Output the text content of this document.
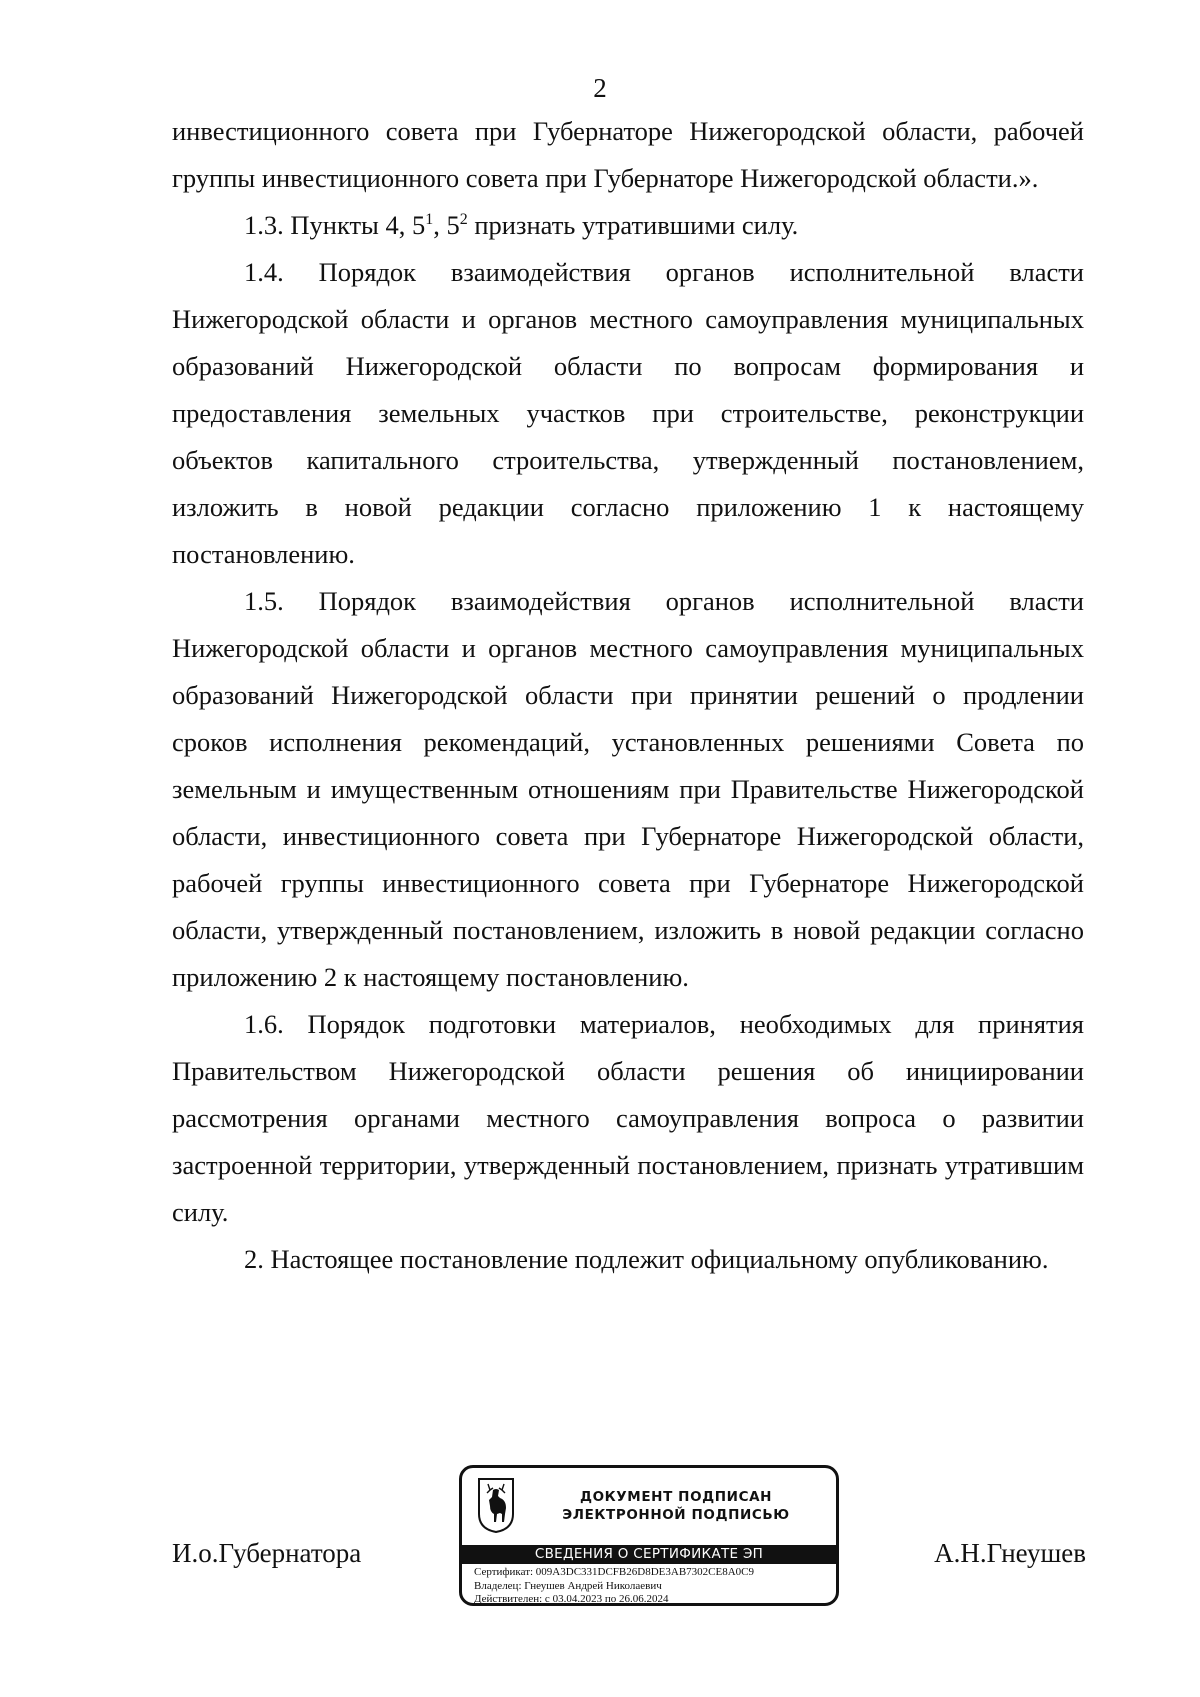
2

инвестиционного совета при Губернаторе Нижегородской области, рабочей группы инвестиционного совета при Губернаторе Нижегородской области.».

1.3. Пункты 4, $5^1$, $5^2$ признать утратившими силу.

1.4. Порядок взаимодействия органов исполнительной власти Нижегородской области и органов местного самоуправления муниципальных образований Нижегородской области по вопросам формирования и предоставления земельных участков при строительстве, реконструкции объектов капитального строительства, утвержденный постановлением, изложить в новой редакции согласно приложению 1 к настоящему постановлению.

1.5. Порядок взаимодействия органов исполнительной власти Нижегородской области и органов местного самоуправления муниципальных образований Нижегородской области при принятии решений о продлении сроков исполнения рекомендаций, установленных решениями Совета по земельным и имущественным отношениям при Правительстве Нижегородской области, инвестиционного совета при Губернаторе Нижегородской области, рабочей группы инвестиционного совета при Губернаторе Нижегородской области, утвержденный постановлением, изложить в новой редакции согласно приложению 2 к настоящему постановлению.

1.6. Порядок подготовки материалов, необходимых для принятия Правительством Нижегородской области решения об инициировании рассмотрения органами местного самоуправления вопроса о развитии застроенной территории, утвержденный постановлением, признать утратившим силу.

2. Настоящее постановление подлежит официальному опубликованию.

И.о.Губернатора	А.Н.Гнеушев
ДОКУМЕНТ ПОДПИСАН
ЭЛЕКТРОННОЙ ПОДПИСЬЮ
СВЕДЕНИЯ О СЕРТИФИКАТЕ ЭП
Сертификат: 009A3DC331DCFB26D8DE3AB7302CE8A0C9
Владелец: Гнеушев Андрей Николаевич
Действителен: с 03.04.2023 по 26.06.2024
